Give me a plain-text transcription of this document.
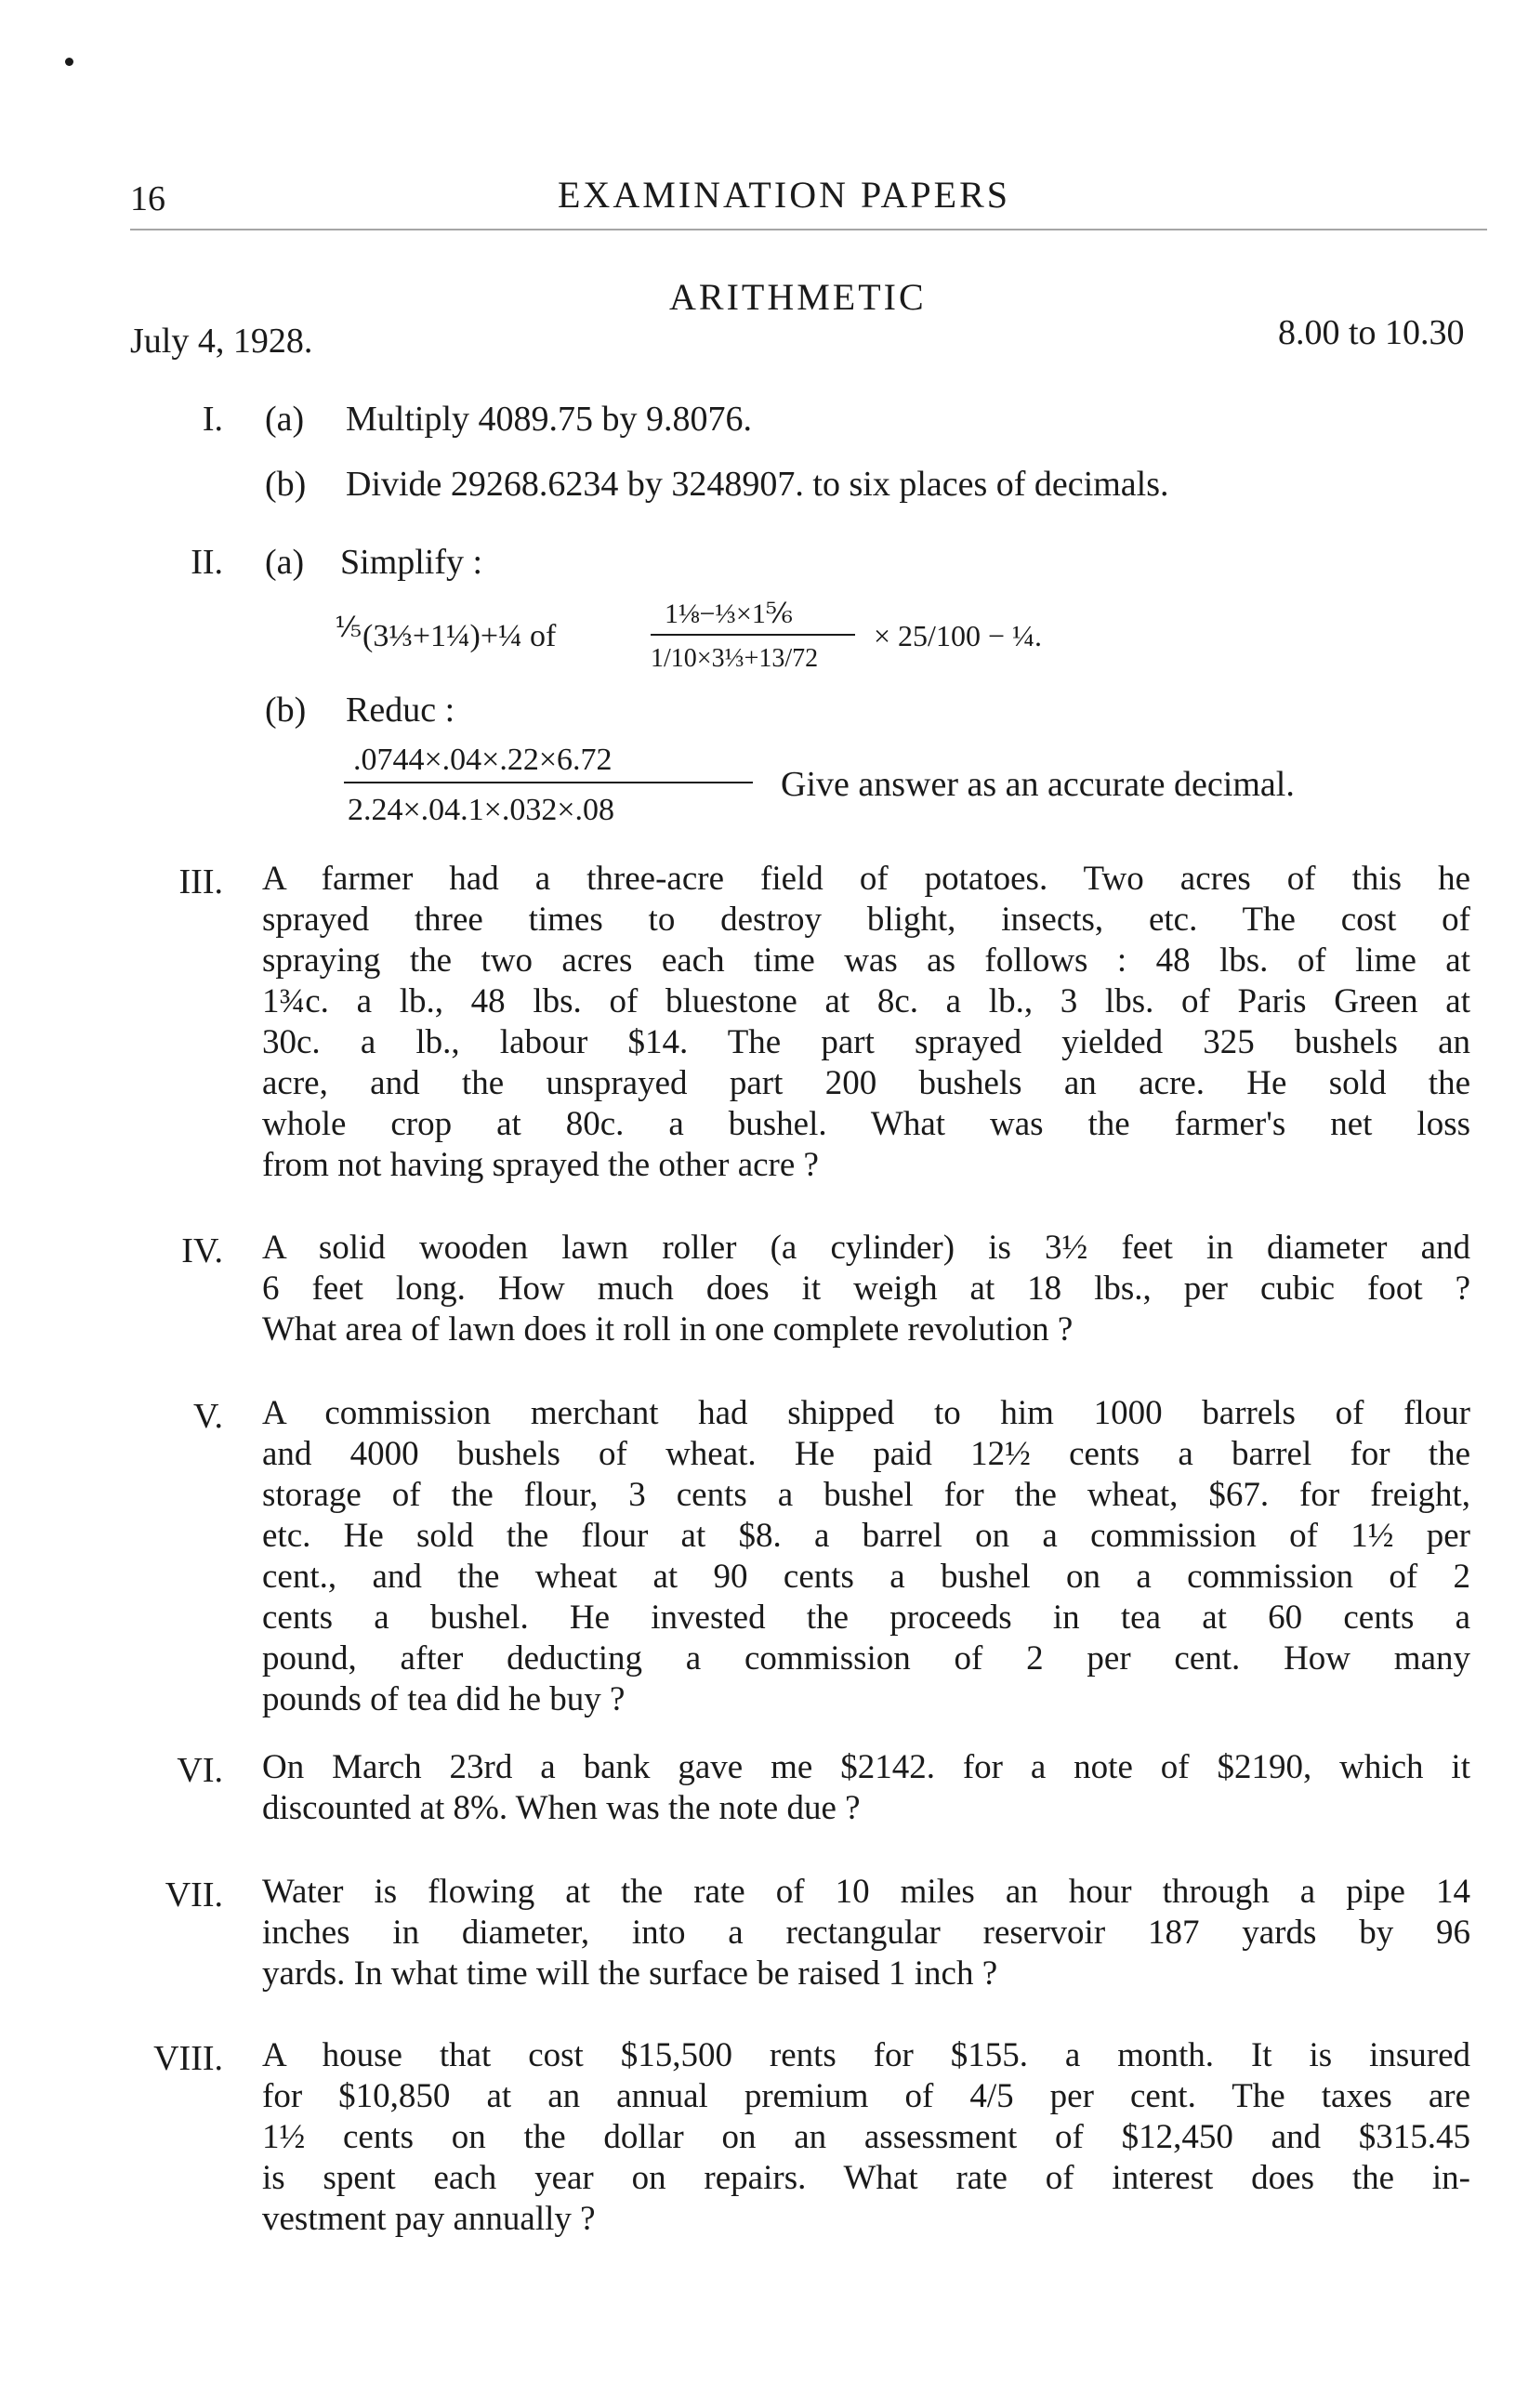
16	EXAMINATION PAPERS
ARITHMETIC
July 4, 1928.	8.00 to 10.30
I. (a) Multiply 4089.75 by 9.8076.
(b) Divide 29268.6234 by 3248907. to six places of decimals.
II. (a) Simplify :
⅕ (3⅓+1¼)+¼ of
1⅛−⅓×1⅚
1/10×3⅓+13/72
× 25/100 − ¼.
(b) Reduc :
.0744×.04×.22×6.72
2.24×.04.1×.032×.08
Give answer as an accurate decimal.
III. A farmer had a three-acre field of potatoes. Two acres of this he
sprayed three times to destroy blight, insects, etc. The cost of
spraying the two acres each time was as follows : 48 lbs. of lime at
1¾c. a lb., 48 lbs. of bluestone at 8c. a lb., 3 lbs. of Paris Green at
30c. a lb., labour $14. The part sprayed yielded 325 bushels an
acre, and the unsprayed part 200 bushels an acre. He sold the
whole crop at 80c. a bushel. What was the farmer's net loss
from not having sprayed the other acre ?
IV. A solid wooden lawn roller (a cylinder) is 3½ feet in diameter and
6 feet long. How much does it weigh at 18 lbs., per cubic foot ?
What area of lawn does it roll in one complete revolution ?
V. A commission merchant had shipped to him 1000 barrels of flour
and 4000 bushels of wheat. He paid 12½ cents a barrel for the
storage of the flour, 3 cents a bushel for the wheat, $67. for freight,
etc. He sold the flour at $8. a barrel on a commission of 1½ per
cent., and the wheat at 90 cents a bushel on a commission of 2
cents a bushel. He invested the proceeds in tea at 60 cents a
pound, after deducting a commission of 2 per cent. How many
pounds of tea did he buy ?
VI. On March 23rd a bank gave me $2142. for a note of $2190, which it
discounted at 8%. When was the note due ?
VII. Water is flowing at the rate of 10 miles an hour through a pipe 14
inches in diameter, into a rectangular reservoir 187 yards by 96
yards. In what time will the surface be raised 1 inch ?
VIII. A house that cost $15,500 rents for $155. a month. It is insured
for $10,850 at an annual premium of 4/5 per cent. The taxes are
1½ cents on the dollar on an assessment of $12,450 and $315.45
is spent each year on repairs. What rate of interest does the in-
vestment pay annually ?
